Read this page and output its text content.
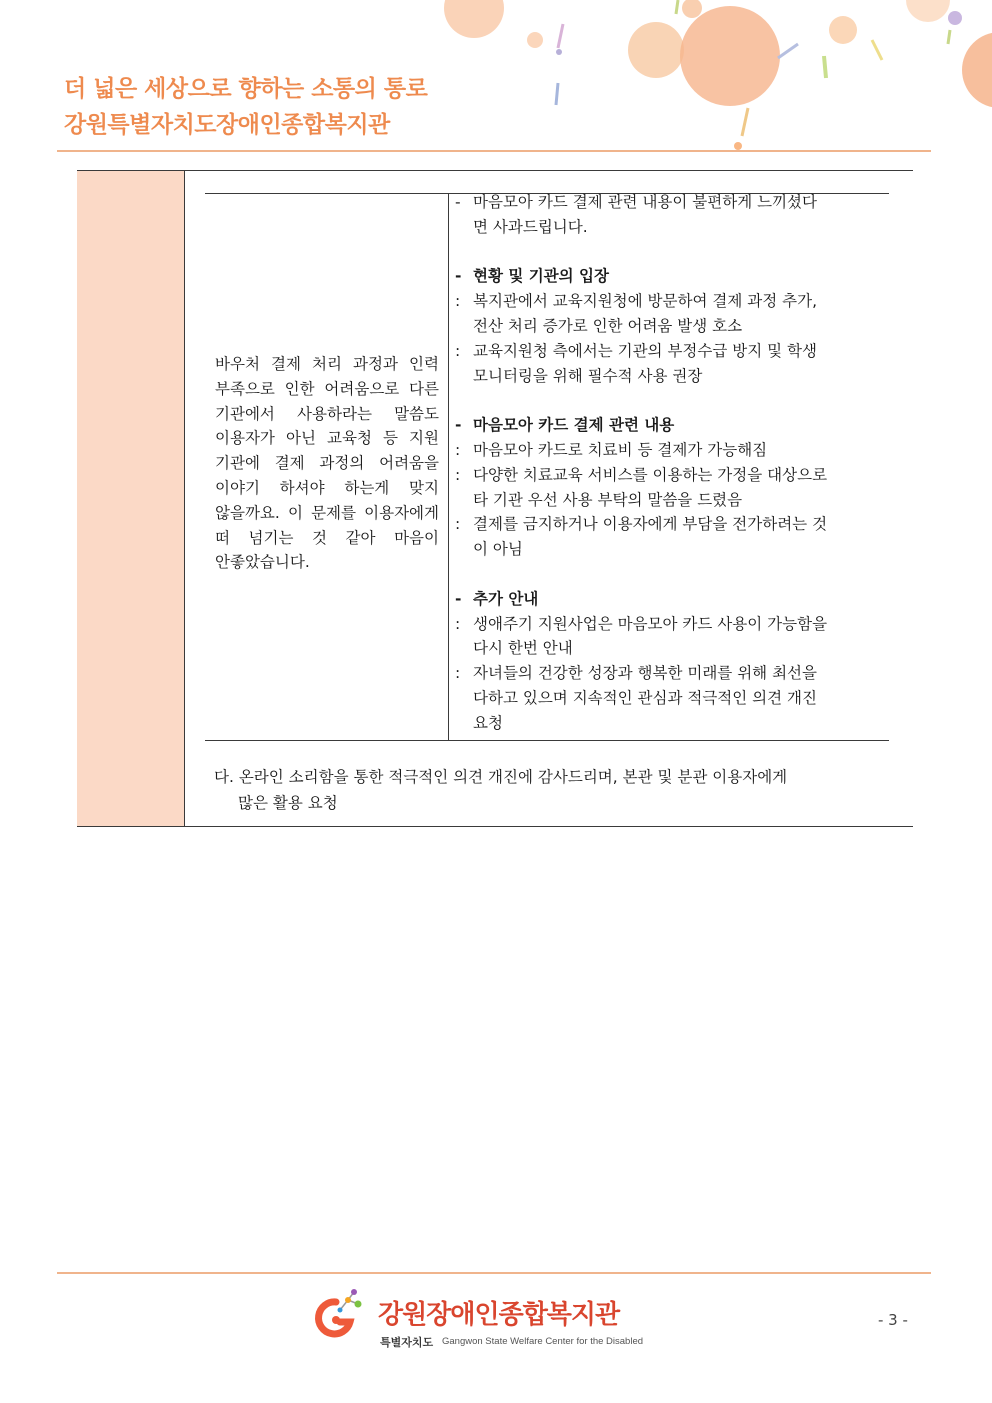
더 넓은 세상으로 향하는 소통의 통로
강원특별자치도장애인종합복지관
바우처 결제 처리 과정과 인력 부족으로 인한 어려움으로 다른 기관에서 사용하라는 말씀도 이용자가 아닌 교육청 등 지원 기관에 결제 과정의 어려움을 이야기 하셔야 하는게 맞지 않을까요. 이 문제를 이용자에게 떠 넘기는 것 같아 마음이 안좋았습니다.
- 마음모아 카드 결제 관련 내용이 불편하게 느끼셨다
면 사과드립니다.
- 현황 및 기관의 입장
: 복지관에서 교육지원청에 방문하여 결제 과정 추가,
전산 처리 증가로 인한 어려움 발생 호소
: 교육지원청 측에서는 기관의 부정수급 방지 및 학생
모니터링을 위해 필수적 사용 권장
- 마음모아 카드 결제 관련 내용
: 마음모아 카드로 치료비 등 결제가 가능해짐
: 다양한 치료교육 서비스를 이용하는 가정을 대상으로
타 기관 우선 사용 부탁의 말씀을 드렸음
: 결제를 금지하거나 이용자에게 부담을 전가하려는 것
이 아님
- 추가 안내
: 생애주기 지원사업은 마음모아 카드 사용이 가능함을
다시 한번 안내
: 자녀들의 건강한 성장과 행복한 미래를 위해 최선을
다하고 있으며 지속적인 관심과 적극적인 의견 개진
요청
다. 온라인 소리함을 통한 적극적인 의견 개진에 감사드리며, 본관 및 분관 이용자에게
많은 활용 요청
강원장애인종합복지관
특별자치도 Gangwon State Welfare Center for the Disabled
- 3 -
